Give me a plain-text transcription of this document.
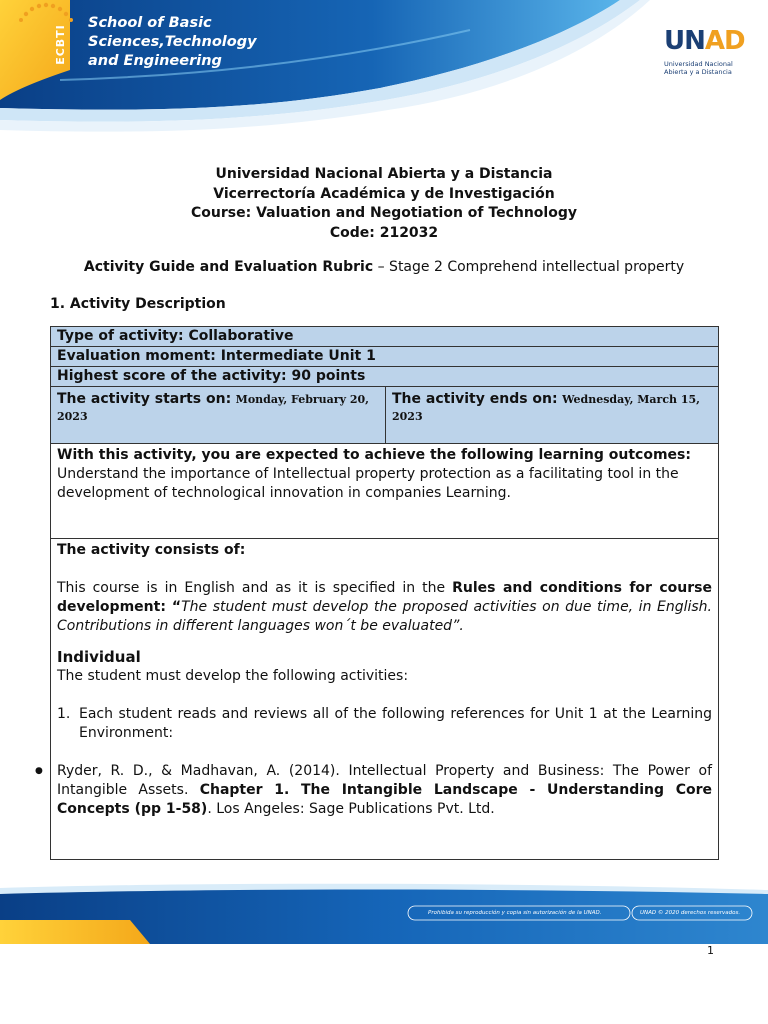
ECBTI
School of Basic
Sciences,Technology
and Engineering
UNAD
Universidad Nacional
Abierta y a Distancia
Universidad Nacional Abierta y a Distancia
Vicerrectoría Académica y de Investigación
Course: Valuation and Negotiation of Technology
Code: 212032
Activity Guide and Evaluation Rubric – Stage 2 Comprehend intellectual property
1. Activity Description
Type of activity: Collaborative
Evaluation moment: Intermediate Unit 1
Highest score of the activity: 90 points
The activity starts on: Monday, February 20, 2023
The activity ends on: Wednesday, March 15, 2023
With this activity, you are expected to achieve the following learning outcomes:
Understand the importance of Intellectual property protection as a facilitating tool in the development of technological innovation in companies Learning.

The activity consists of:

This course is in English and as it is specified in the Rules and conditions for course development: “The student must develop the proposed activities on due time, in English. Contributions in different languages won´t be evaluated”.

Individual

The student must develop the following activities:

1. Each student reads and reviews all of the following references for Unit 1 at the Learning Environment:

● Ryder, R. D., & Madhavan, A. (2014). Intellectual Property and Business: The Power of Intangible Assets. Chapter 1. The Intangible Landscape - Understanding Core Concepts (pp 1-58). Los Angeles: Sage Publications Pvt. Ltd.

Prohibida su reproducción y copia sin autorización de la UNAD.	UNAD © 2020 derechos reservados.
1
